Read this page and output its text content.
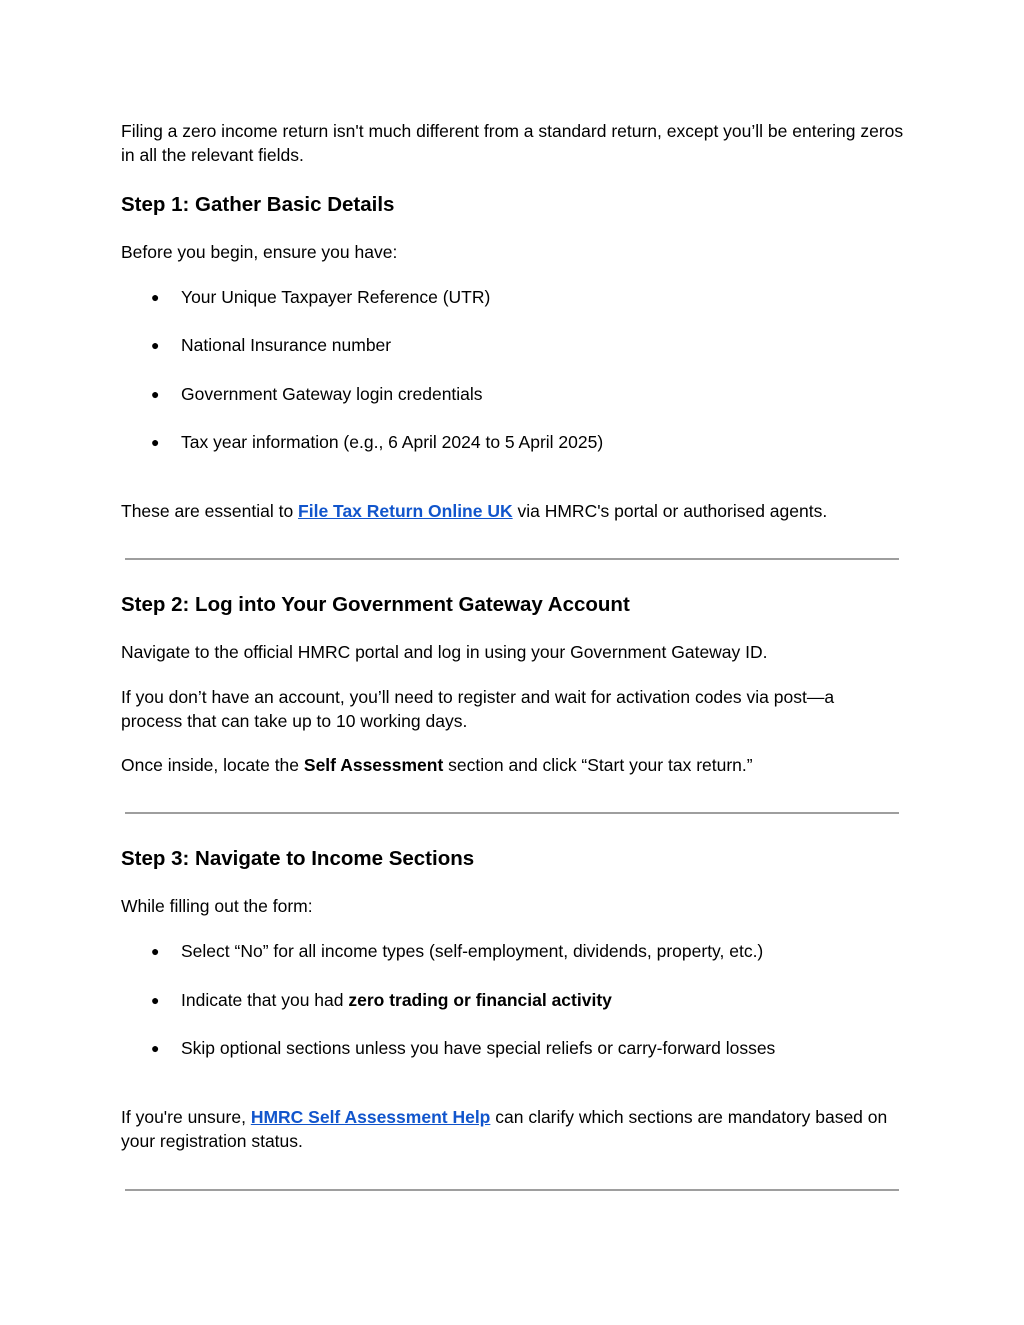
Filing a zero income return isn't much different from a standard return, except you’ll be entering zeros in all the relevant fields.

Step 1: Gather Basic Details

Before you begin, ensure you have:

● Your Unique Taxpayer Reference (UTR)
● National Insurance number
● Government Gateway login credentials
● Tax year information (e.g., 6 April 2024 to 5 April 2025)

These are essential to File Tax Return Online UK via HMRC's portal or authorised agents.

Step 2: Log into Your Government Gateway Account

Navigate to the official HMRC portal and log in using your Government Gateway ID.

If you don’t have an account, you’ll need to register and wait for activation codes via post—a process that can take up to 10 working days.

Once inside, locate the Self Assessment section and click “Start your tax return.”

Step 3: Navigate to Income Sections

While filling out the form:

● Select “No” for all income types (self-employment, dividends, property, etc.)
● Indicate that you had zero trading or financial activity
● Skip optional sections unless you have special reliefs or carry-forward losses

If you're unsure, HMRC Self Assessment Help can clarify which sections are mandatory based on your registration status.
